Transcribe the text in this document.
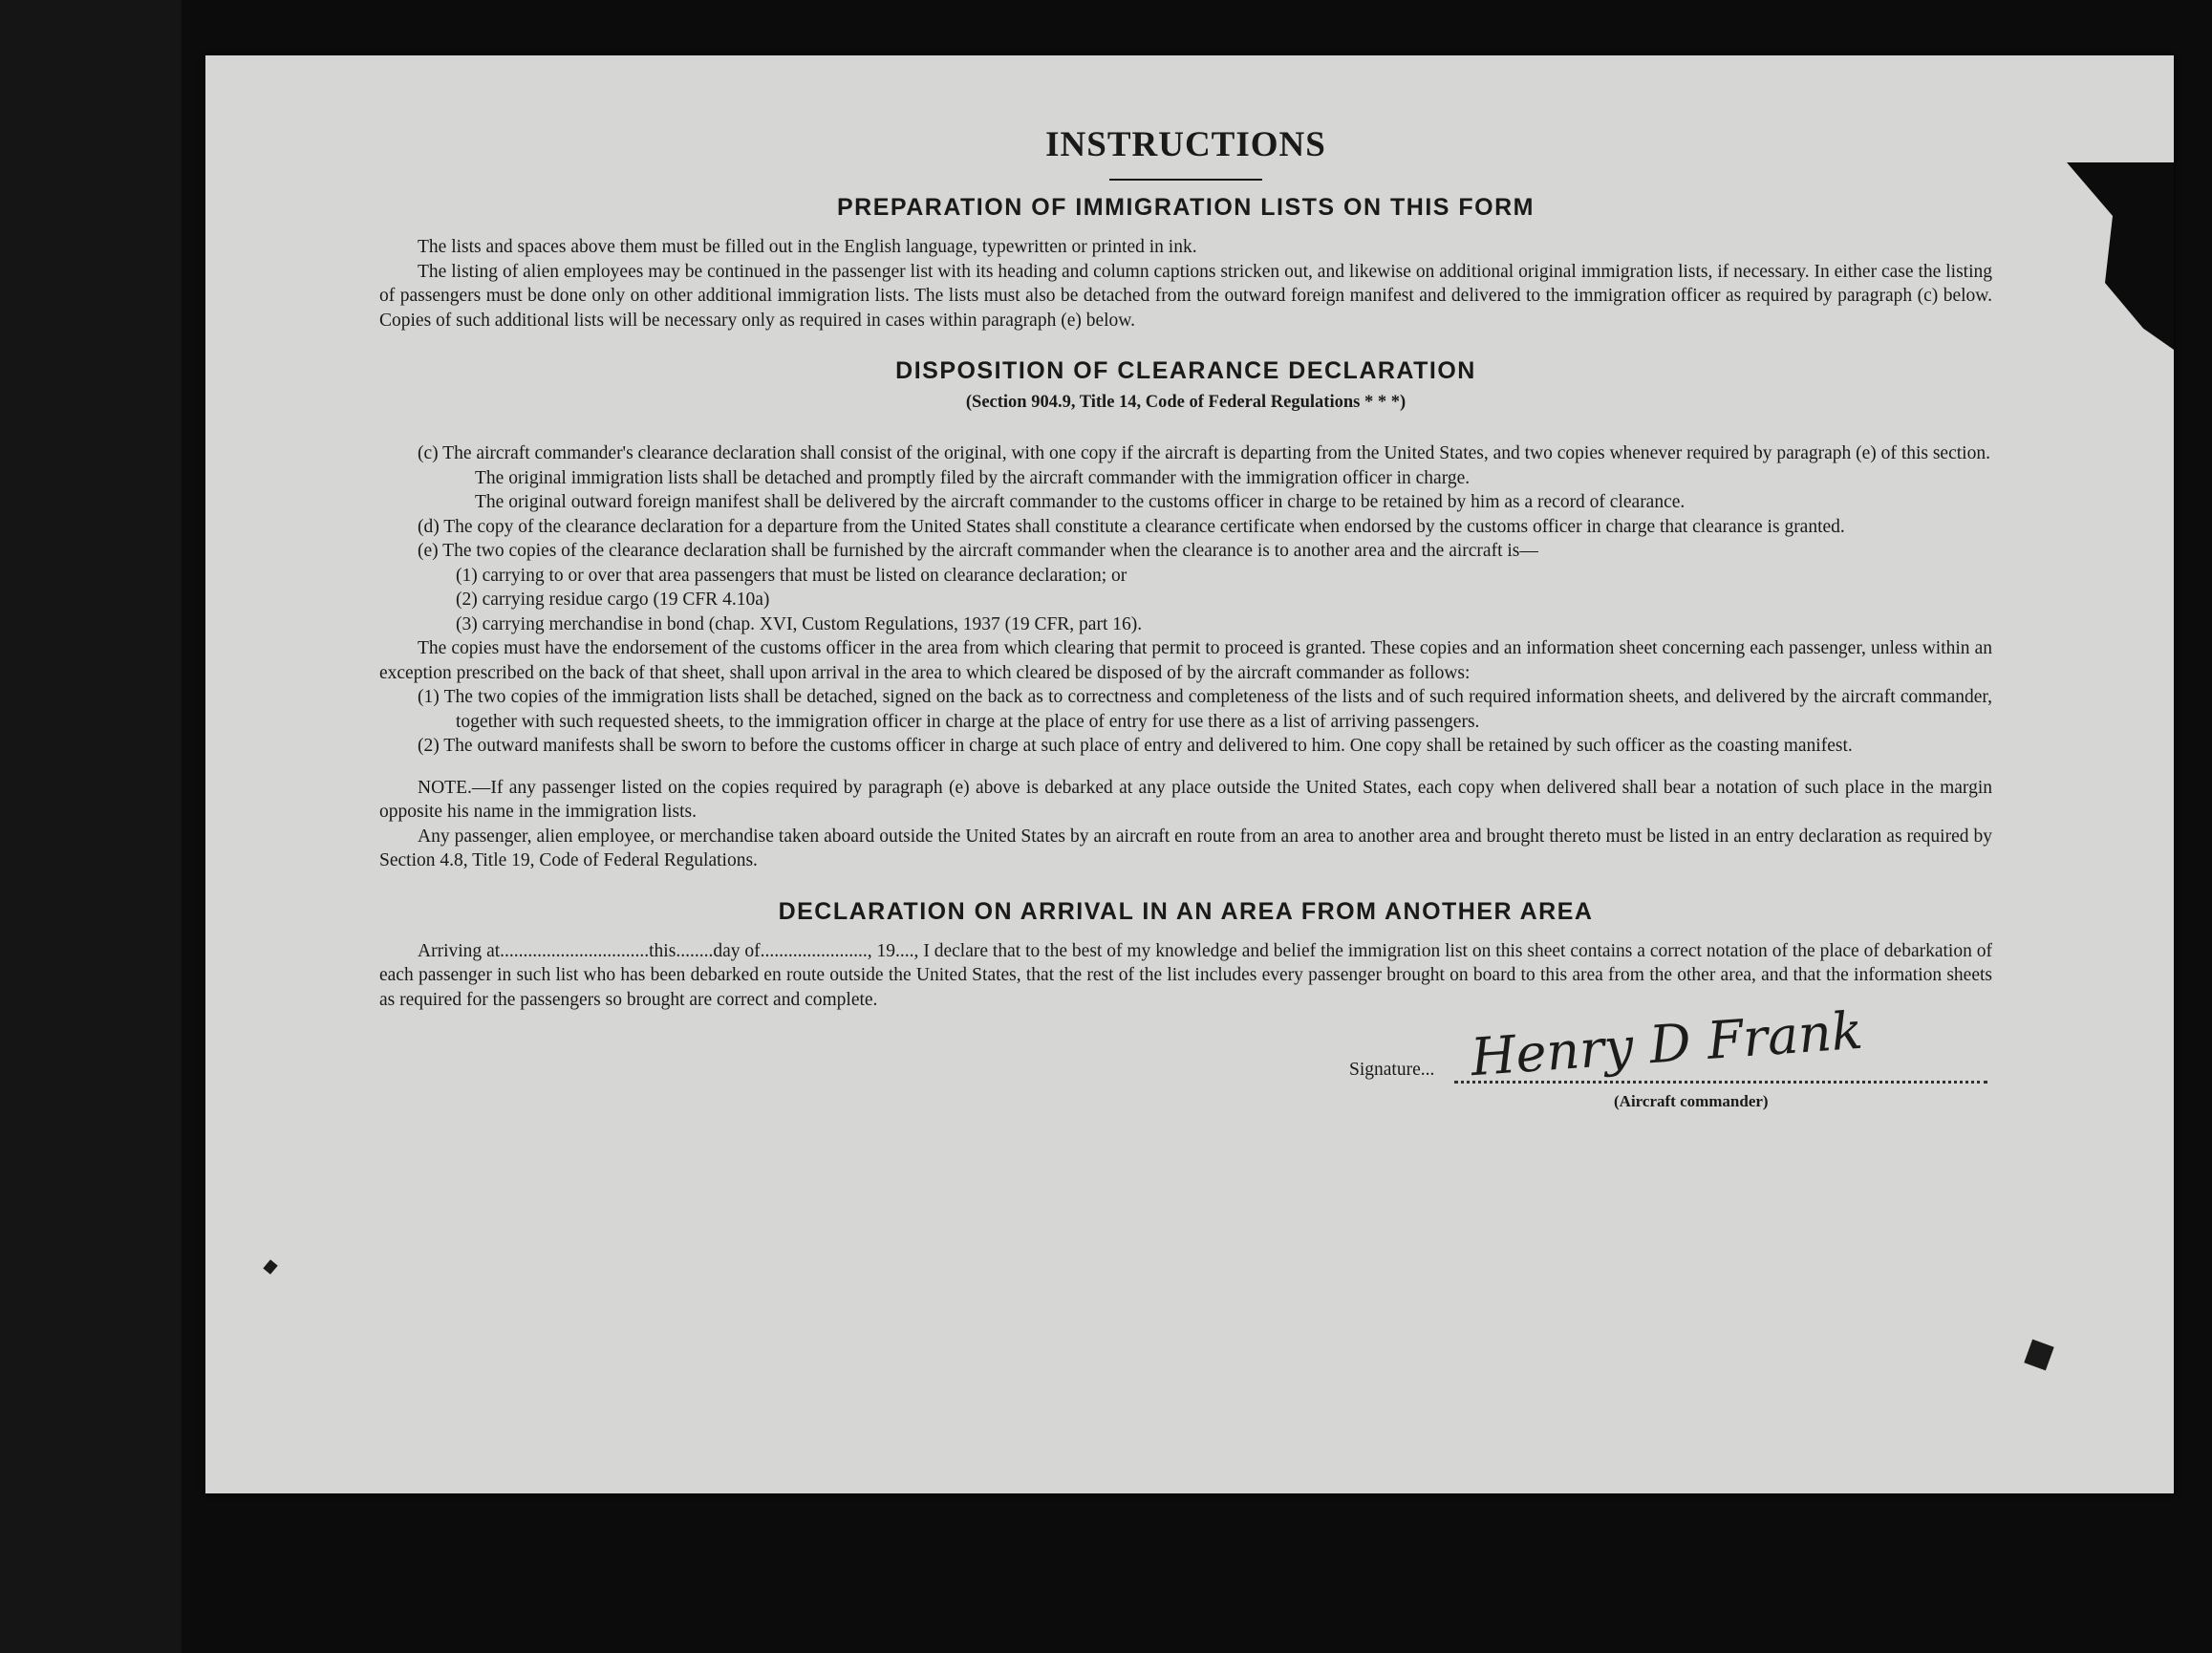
INSTRUCTIONS
PREPARATION OF IMMIGRATION LISTS ON THIS FORM

The lists and spaces above them must be filled out in the English language, typewritten or printed in ink.

The listing of alien employees may be continued in the passenger list with its heading and column captions stricken out, and likewise on additional original immigration lists, if necessary. In either case the listing of passengers must be done only on other additional immigration lists. The lists must also be detached from the outward foreign manifest and delivered to the immigration officer as required by paragraph (c) below. Copies of such additional lists will be necessary only as required in cases within paragraph (e) below.

DISPOSITION OF CLEARANCE DECLARATION
(Section 904.9, Title 14, Code of Federal Regulations * * *)

(c) The aircraft commander's clearance declaration shall consist of the original, with one copy if the aircraft is departing from the United States, and two copies whenever required by paragraph (e) of this section.

The original immigration lists shall be detached and promptly filed by the aircraft commander with the immigration officer in charge.

The original outward foreign manifest shall be delivered by the aircraft commander to the customs officer in charge to be retained by him as a record of clearance.

(d) The copy of the clearance declaration for a departure from the United States shall constitute a clearance certificate when endorsed by the customs officer in charge that clearance is granted.

(e) The two copies of the clearance declaration shall be furnished by the aircraft commander when the clearance is to another area and the aircraft is—

(1) carrying to or over that area passengers that must be listed on clearance declaration; or

(2) carrying residue cargo (19 CFR 4.10a)

(3) carrying merchandise in bond (chap. XVI, Custom Regulations, 1937 (19 CFR, part 16).

The copies must have the endorsement of the customs officer in the area from which clearing that permit to proceed is granted. These copies and an information sheet concerning each passenger, unless within an exception prescribed on the back of that sheet, shall upon arrival in the area to which cleared be disposed of by the aircraft commander as follows:

(1) The two copies of the immigration lists shall be detached, signed on the back as to correctness and completeness of the lists and of such required information sheets, and delivered by the aircraft commander, together with such requested sheets, to the immigration officer in charge at the place of entry for use there as a list of arriving passengers.

(2) The outward manifests shall be sworn to before the customs officer in charge at such place of entry and delivered to him. One copy shall be retained by such officer as the coasting manifest.

NOTE.—If any passenger listed on the copies required by paragraph (e) above is debarked at any place outside the United States, each copy when delivered shall bear a notation of such place in the margin opposite his name in the immigration lists.

Any passenger, alien employee, or merchandise taken aboard outside the United States by an aircraft en route from an area to another area and brought thereto must be listed in an entry declaration as required by Section 4.8, Title 19, Code of Federal Regulations.

DECLARATION ON ARRIVAL IN AN AREA FROM ANOTHER AREA

Arriving at................................this........day of......................., 19...., I declare that to the best of my knowledge and belief the immigration list on this sheet contains a correct notation of the place of debarkation of each passenger in such list who has been debarked en route outside the United States, that the rest of the list includes every passenger brought on board to this area from the other area, and that the information sheets as required for the passengers so brought are correct and complete.

Signature... Henry D Frank
(Aircraft commander)
